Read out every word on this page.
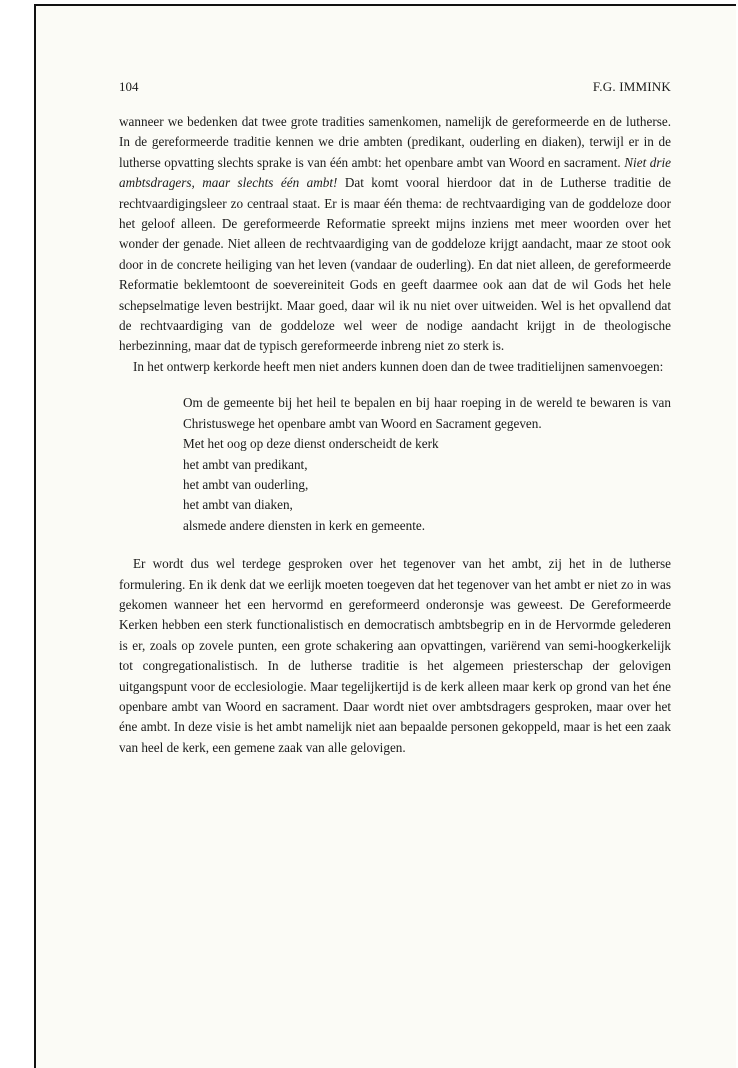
104	F.G. IMMINK

wanneer we bedenken dat twee grote tradities samenkomen, namelijk de gereformeerde en de lutherse. In de gereformeerde traditie kennen we drie ambten (predikant, ouderling en diaken), terwijl er in de lutherse opvatting slechts sprake is van één ambt: het openbare ambt van Woord en sacrament. Niet drie ambtsdragers, maar slechts één ambt! Dat komt vooral hierdoor dat in de Lutherse traditie de rechtvaardigingsleer zo centraal staat. Er is maar één thema: de rechtvaardiging van de goddeloze door het geloof alleen. De gereformeerde Reformatie spreekt mijns inziens met meer woorden over het wonder der genade. Niet alleen de rechtvaardiging van de goddeloze krijgt aandacht, maar ze stoot ook door in de concrete heiliging van het leven (vandaar de ouderling). En dat niet alleen, de gereformeerde Reformatie beklemtoont de soevereiniteit Gods en geeft daarmee ook aan dat de wil Gods het hele schepselmatige leven bestrijkt. Maar goed, daar wil ik nu niet over uitweiden. Wel is het opvallend dat de rechtvaardiging van de goddeloze wel weer de nodige aandacht krijgt in de theologische herbezinning, maar dat de typisch gereformeerde inbreng niet zo sterk is.

In het ontwerp kerkorde heeft men niet anders kunnen doen dan de twee traditielijnen samenvoegen:

Om de gemeente bij het heil te bepalen en bij haar roeping in de wereld te bewaren is van Christuswege het openbare ambt van Woord en Sacrament gegeven.

Met het oog op deze dienst onderscheidt de kerk

het ambt van predikant,

het ambt van ouderling,

het ambt van diaken,

alsmede andere diensten in kerk en gemeente.

Er wordt dus wel terdege gesproken over het tegenover van het ambt, zij het in de lutherse formulering. En ik denk dat we eerlijk moeten toegeven dat het tegenover van het ambt er niet zo in was gekomen wanneer het een hervormd en gereformeerd onderonsje was geweest. De Gereformeerde Kerken hebben een sterk functionalistisch en democratisch ambtsbegrip en in de Hervormde gelederen is er, zoals op zovele punten, een grote schakering aan opvattingen, variërend van semi-hoogkerkelijk tot congregationalistisch. In de lutherse traditie is het algemeen priesterschap der gelovigen uitgangspunt voor de ecclesiologie. Maar tegelijkertijd is de kerk alleen maar kerk op grond van het éne openbare ambt van Woord en sacrament. Daar wordt niet over ambtsdragers gesproken, maar over het éne ambt. In deze visie is het ambt namelijk niet aan bepaalde personen gekoppeld, maar is het een zaak van heel de kerk, een gemene zaak van alle gelovigen.
